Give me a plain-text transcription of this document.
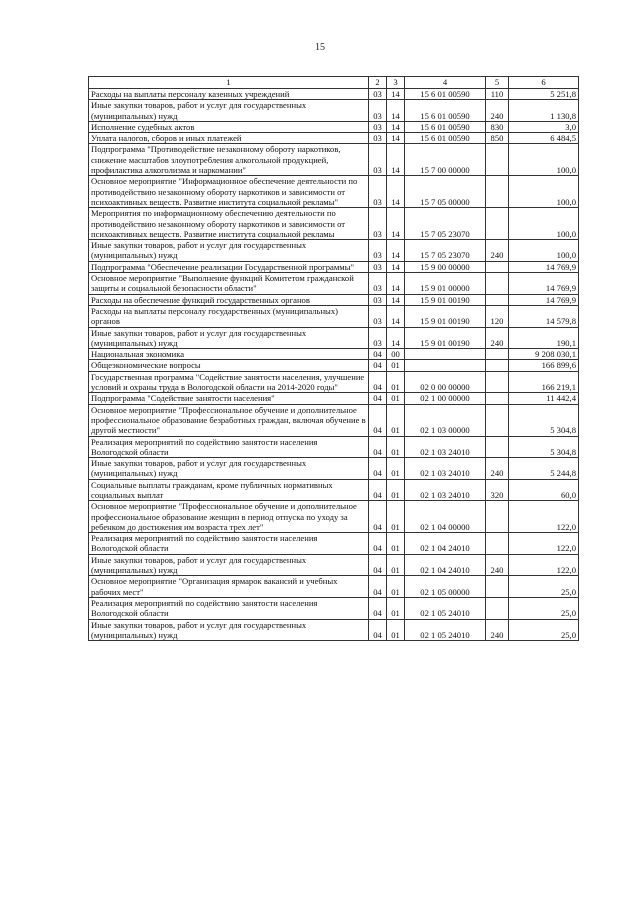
15
1	2	3	4	5	6
Расходы на выплаты персоналу казенных учреждений	03	14	15 6 01 00590	110	5 251,8
Иные закупки товаров, работ и услуг для государственных (муниципальных) нужд	03	14	15 6 01 00590	240	1 130,8
Исполнение судебных актов	03	14	15 6 01 00590	830	3,0
Уплата налогов, сборов и иных платежей	03	14	15 6 01 00590	850	6 484,5
Подпрограмма "Противодействие незаконному обороту наркотиков, снижение масштабов злоупотребления алкогольной продукцией, профилактика алкоголизма и наркомании"	03	14	15 7 00 00000		100,0
Основное мероприятие "Информационное обеспечение деятельности по противодействию незаконному обороту наркотиков и зависимости от психоактивных веществ. Развитие института социальной рекламы"	03	14	15 7 05 00000		100,0
Мероприятия по информационному обеспечению деятельности по противодействию незаконному обороту наркотиков и зависимости от психоактивных веществ. Развитие института социальной рекламы	03	14	15 7 05 23070		100,0
Иные закупки товаров, работ и услуг для государственных (муниципальных) нужд	03	14	15 7 05 23070	240	100,0
Подпрограмма "Обеспечение реализации Государственной программы"	03	14	15 9 00 00000		14 769,9
Основное мероприятие "Выполнение функций Комитетом гражданской защиты и социальной безопасности области"	03	14	15 9 01 00000		14 769,9
Расходы на обеспечение функций государственных органов	03	14	15 9 01 00190		14 769,9
Расходы на выплаты персоналу государственных (муниципальных) органов	03	14	15 9 01 00190	120	14 579,8
Иные закупки товаров, работ и услуг для государственных (муниципальных) нужд	03	14	15 9 01 00190	240	190,1
Национальная экономика	04	00			9 208 030,1
Общеэкономические вопросы	04	01			166 899,6
Государственная программа "Содействие занятости населения, улучшение условий и охраны труда в Вологодской области на 2014-2020 годы"	04	01	02 0 00 00000		166 219,1
Подпрограмма "Содействие занятости населения"	04	01	02 1 00 00000		11 442,4
Основное мероприятие "Профессиональное обучение и дополнительное профессиональное образование безработных граждан, включая обучение в другой местности"	04	01	02 1 03 00000		5 304,8
Реализация мероприятий по содействию занятости населения Вологодской области	04	01	02 1 03 24010		5 304,8
Иные закупки товаров, работ и услуг для государственных (муниципальных) нужд	04	01	02 1 03 24010	240	5 244,8
Социальные выплаты гражданам, кроме публичных нормативных социальных выплат	04	01	02 1 03 24010	320	60,0
Основное мероприятие "Профессиональное обучение и дополнительное профессиональное образование женщин в период отпуска по уходу за ребенком до достижения им возраста трех лет"	04	01	02 1 04 00000		122,0
Реализация мероприятий по содействию занятости населения Вологодской области	04	01	02 1 04 24010		122,0
Иные закупки товаров, работ и услуг для государственных (муниципальных) нужд	04	01	02 1 04 24010	240	122,0
Основное мероприятие "Организация ярмарок вакансий и учебных рабочих мест"	04	01	02 1 05 00000		25,0
Реализация мероприятий по содействию занятости населения Вологодской области	04	01	02 1 05 24010		25,0
Иные закупки товаров, работ и услуг для государственных (муниципальных) нужд	04	01	02 1 05 24010	240	25,0
